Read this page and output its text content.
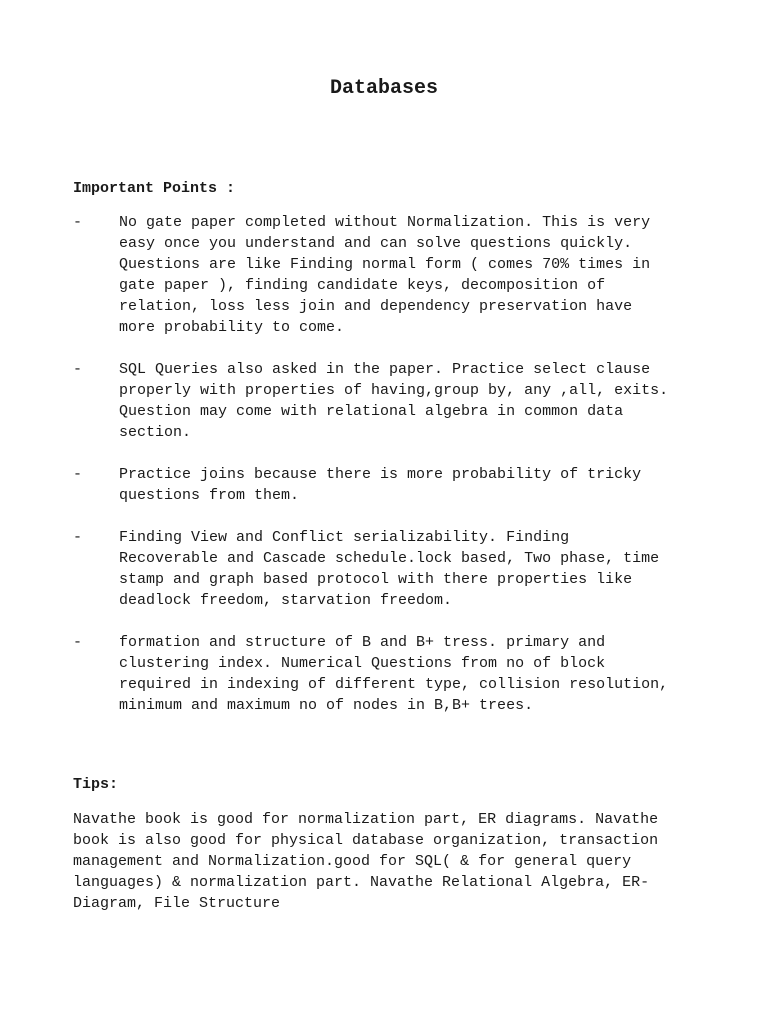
Databases
Important Points :
- No gate paper completed without Normalization. This is very
easy once you understand and can solve questions quickly.
Questions are like Finding normal form ( comes 70% times in
gate paper ), finding candidate keys, decomposition of
relation, loss less join and dependency preservation have
more probability to come.
- SQL Queries also asked in the paper. Practice select clause
properly with properties of having,group by, any ,all, exits.
Question may come with relational algebra in common data
section.
- Practice joins because there is more probability of tricky
questions from them.
- Finding View and Conflict serializability. Finding
Recoverable and Cascade schedule.lock based, Two phase, time
stamp and graph based protocol with there properties like
deadlock freedom, starvation freedom.
- formation and structure of B and B+ tress. primary and
clustering index. Numerical Questions from no of block
required in indexing of different type, collision resolution,
minimum and maximum no of nodes in B,B+ trees.
Tips:

Navathe book is good for normalization part, ER diagrams. Navathe
book is also good for physical database organization, transaction
management and Normalization.good for SQL( & for general query
languages) & normalization part. Navathe Relational Algebra, ER-
Diagram, File Structure
